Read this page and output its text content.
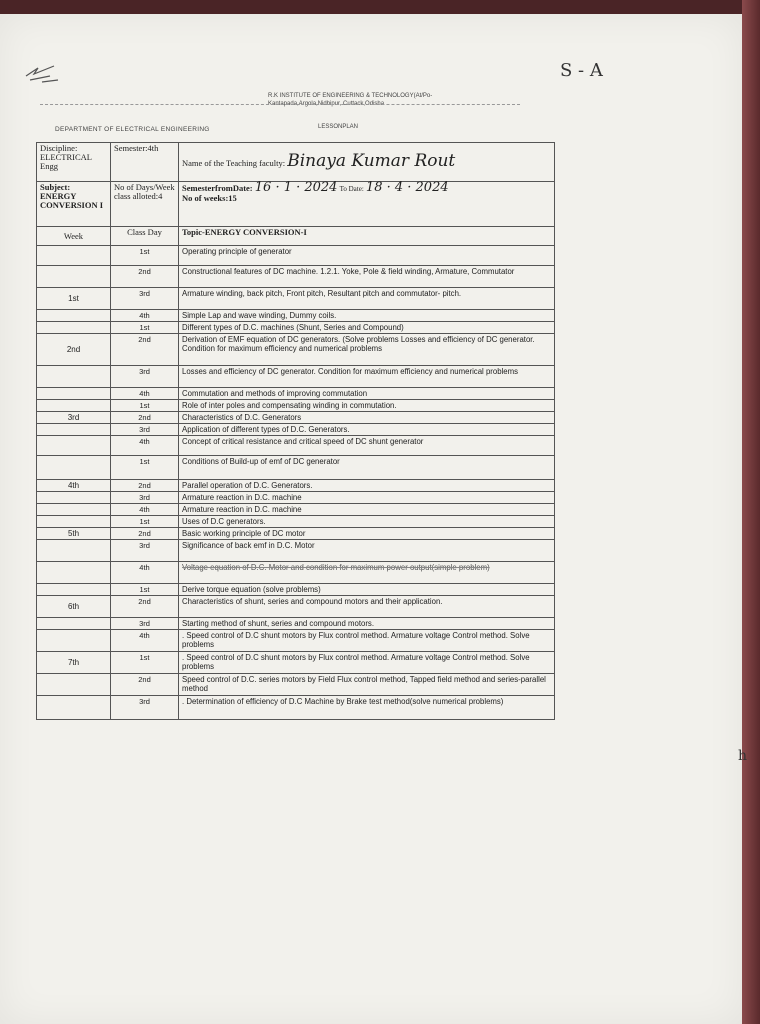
S - A
R.K INSTITUTE OF ENGINEERING & TECHNOLOGY(At/Po-Kantapada,Argola,Nidhipur, Cuttack,Odisha
DEPARTMENT OF ELECTRICAL ENGINEERING	LESSONPLAN
Discipline: ELECTRICAL Engg	Semester:4th	Name of the Teaching faculty: Binaya Kumar Rout
Subject: ENERGY CONVERSION I	No of Days/Week class alloted:4	SemesterfromDate: 16 · 1 · 2024 To Date: 18 · 4 · 2024
No of weeks:15
Week	Class Day	Topic-ENERGY CONVERSION-I
	1st	Operating principle of generator
	2nd	Constructional features of DC machine. 1.2.1. Yoke, Pole & field winding, Armature, Commutator
1st	3rd	Armature winding, back pitch, Front pitch, Resultant pitch and commutator- pitch.
	4th	Simple Lap and wave winding, Dummy coils.
	1st	Different types of D.C. machines (Shunt, Series and Compound)
2nd	2nd	Derivation of EMF equation of DC generators. (Solve problems Losses and efficiency of DC generator. Condition for maximum efficiency and numerical problems
	3rd	Losses and efficiency of DC generator. Condition for maximum efficiency and numerical problems
	4th	Commutation and methods of improving commutation
	1st	Role of inter poles and compensating winding in commutation.
3rd	2nd	Characteristics of D.C. Generators
	3rd	Application of different types of D.C. Generators.
	4th	Concept of critical resistance and critical speed of DC shunt generator
	1st	Conditions of Build-up of emf of DC generator
4th	2nd	Parallel operation of D.C. Generators.
	3rd	Armature reaction in D.C. machine
	4th	Armature reaction in D.C. machine
	1st	Uses of D.C generators.
5th	2nd	Basic working principle of DC motor
	3rd	Significance of back emf in D.C. Motor
	4th	Voltage equation of D.C. Motor and condition for maximum power output(simple problem)
	1st	Derive torque equation (solve problems)
6th	2nd	Characteristics of shunt, series and compound motors and their application.
	3rd	Starting method of shunt, series and compound motors.
	4th	. Speed control of D.C shunt motors by Flux control method. Armature voltage Control method. Solve problems
7th	1st	. Speed control of D.C shunt motors by Flux control method. Armature voltage Control method. Solve problems
	2nd	Speed control of D.C. series motors by Field Flux control method, Tapped field method and series-parallel method
	3rd	. Determination of efficiency of D.C Machine by Brake test method(solve numerical problems)
h
